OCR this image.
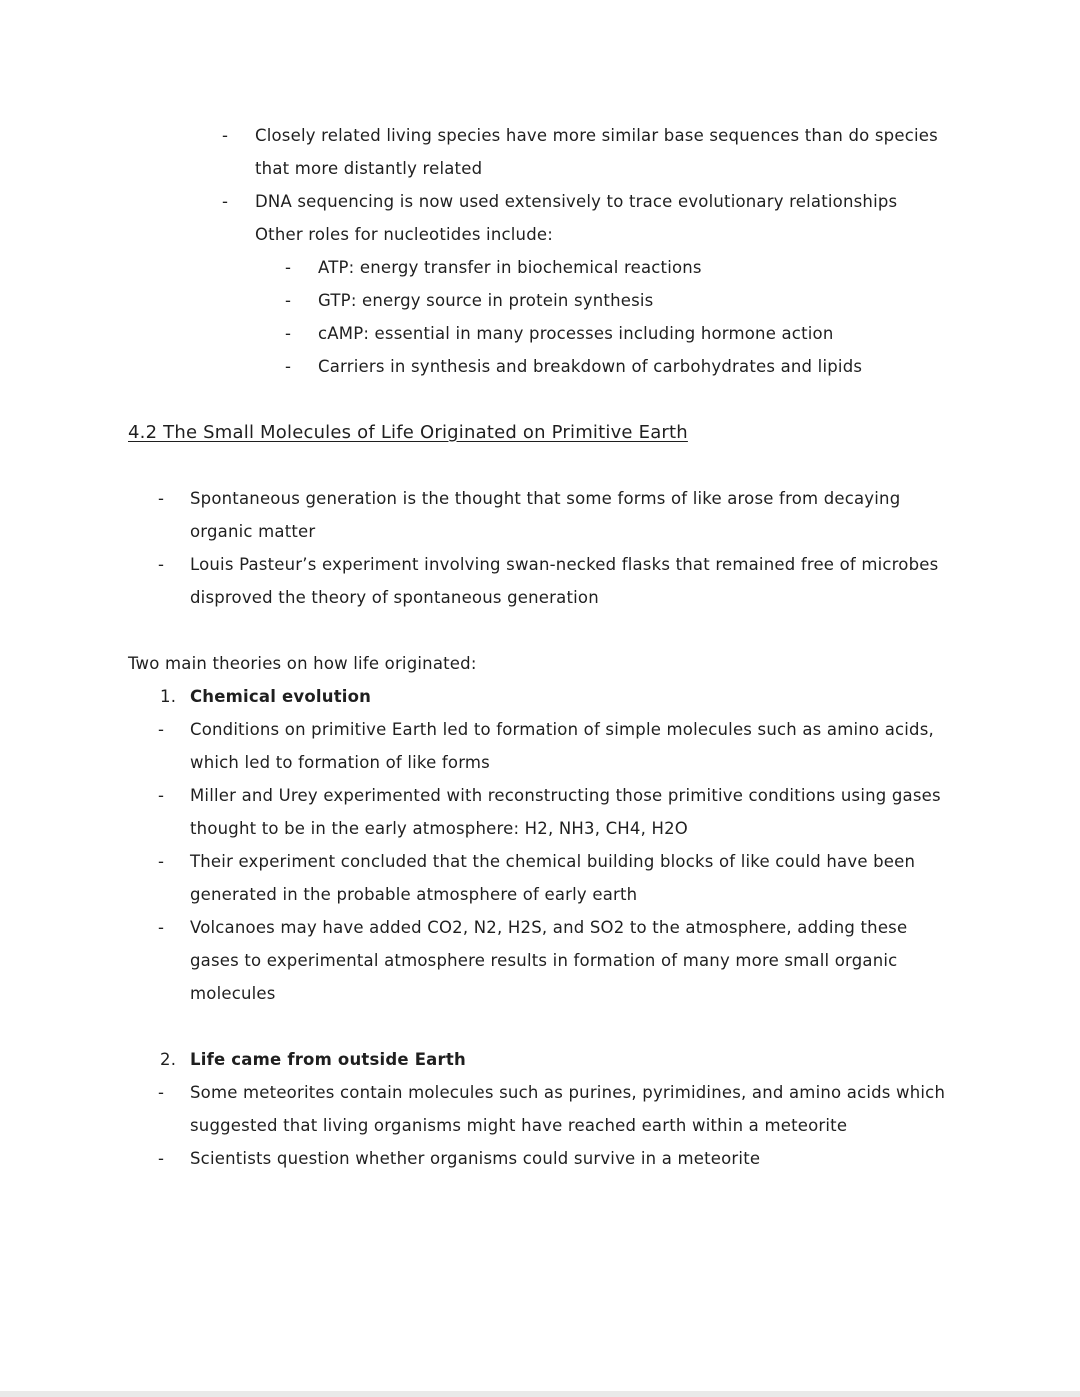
-	Closely related living species have more similar base sequences than do species that more distantly related
-	DNA sequencing is now used extensively to trace evolutionary relationships
Other roles for nucleotides include:
-	ATP: energy transfer in biochemical reactions
-	GTP: energy source in protein synthesis
-	cAMP: essential in many processes including hormone action
-	Carriers in synthesis and breakdown of carbohydrates and lipids
4.2 The Small Molecules of Life Originated on Primitive Earth
-	Spontaneous generation is the thought that some forms of like arose from decaying organic matter
-	Louis Pasteur’s experiment involving swan-necked flasks that remained free of microbes disproved the theory of spontaneous generation
Two main theories on how life originated:
1. Chemical evolution
-	Conditions on primitive Earth led to formation of simple molecules such as amino acids, which led to formation of like forms
-	Miller and Urey experimented with reconstructing those primitive conditions using gases thought to be in the early atmosphere: H2, NH3, CH4, H2O
-	Their experiment concluded that the chemical building blocks of like could have been generated in the probable atmosphere of early earth
-	Volcanoes may have added CO2, N2, H2S, and SO2 to the atmosphere, adding these gases to experimental atmosphere results in formation of many more small organic molecules
2. Life came from outside Earth
-	Some meteorites contain molecules such as purines, pyrimidines, and amino acids which suggested that living organisms might have reached earth within a meteorite
-	Scientists question whether organisms could survive in a meteorite
